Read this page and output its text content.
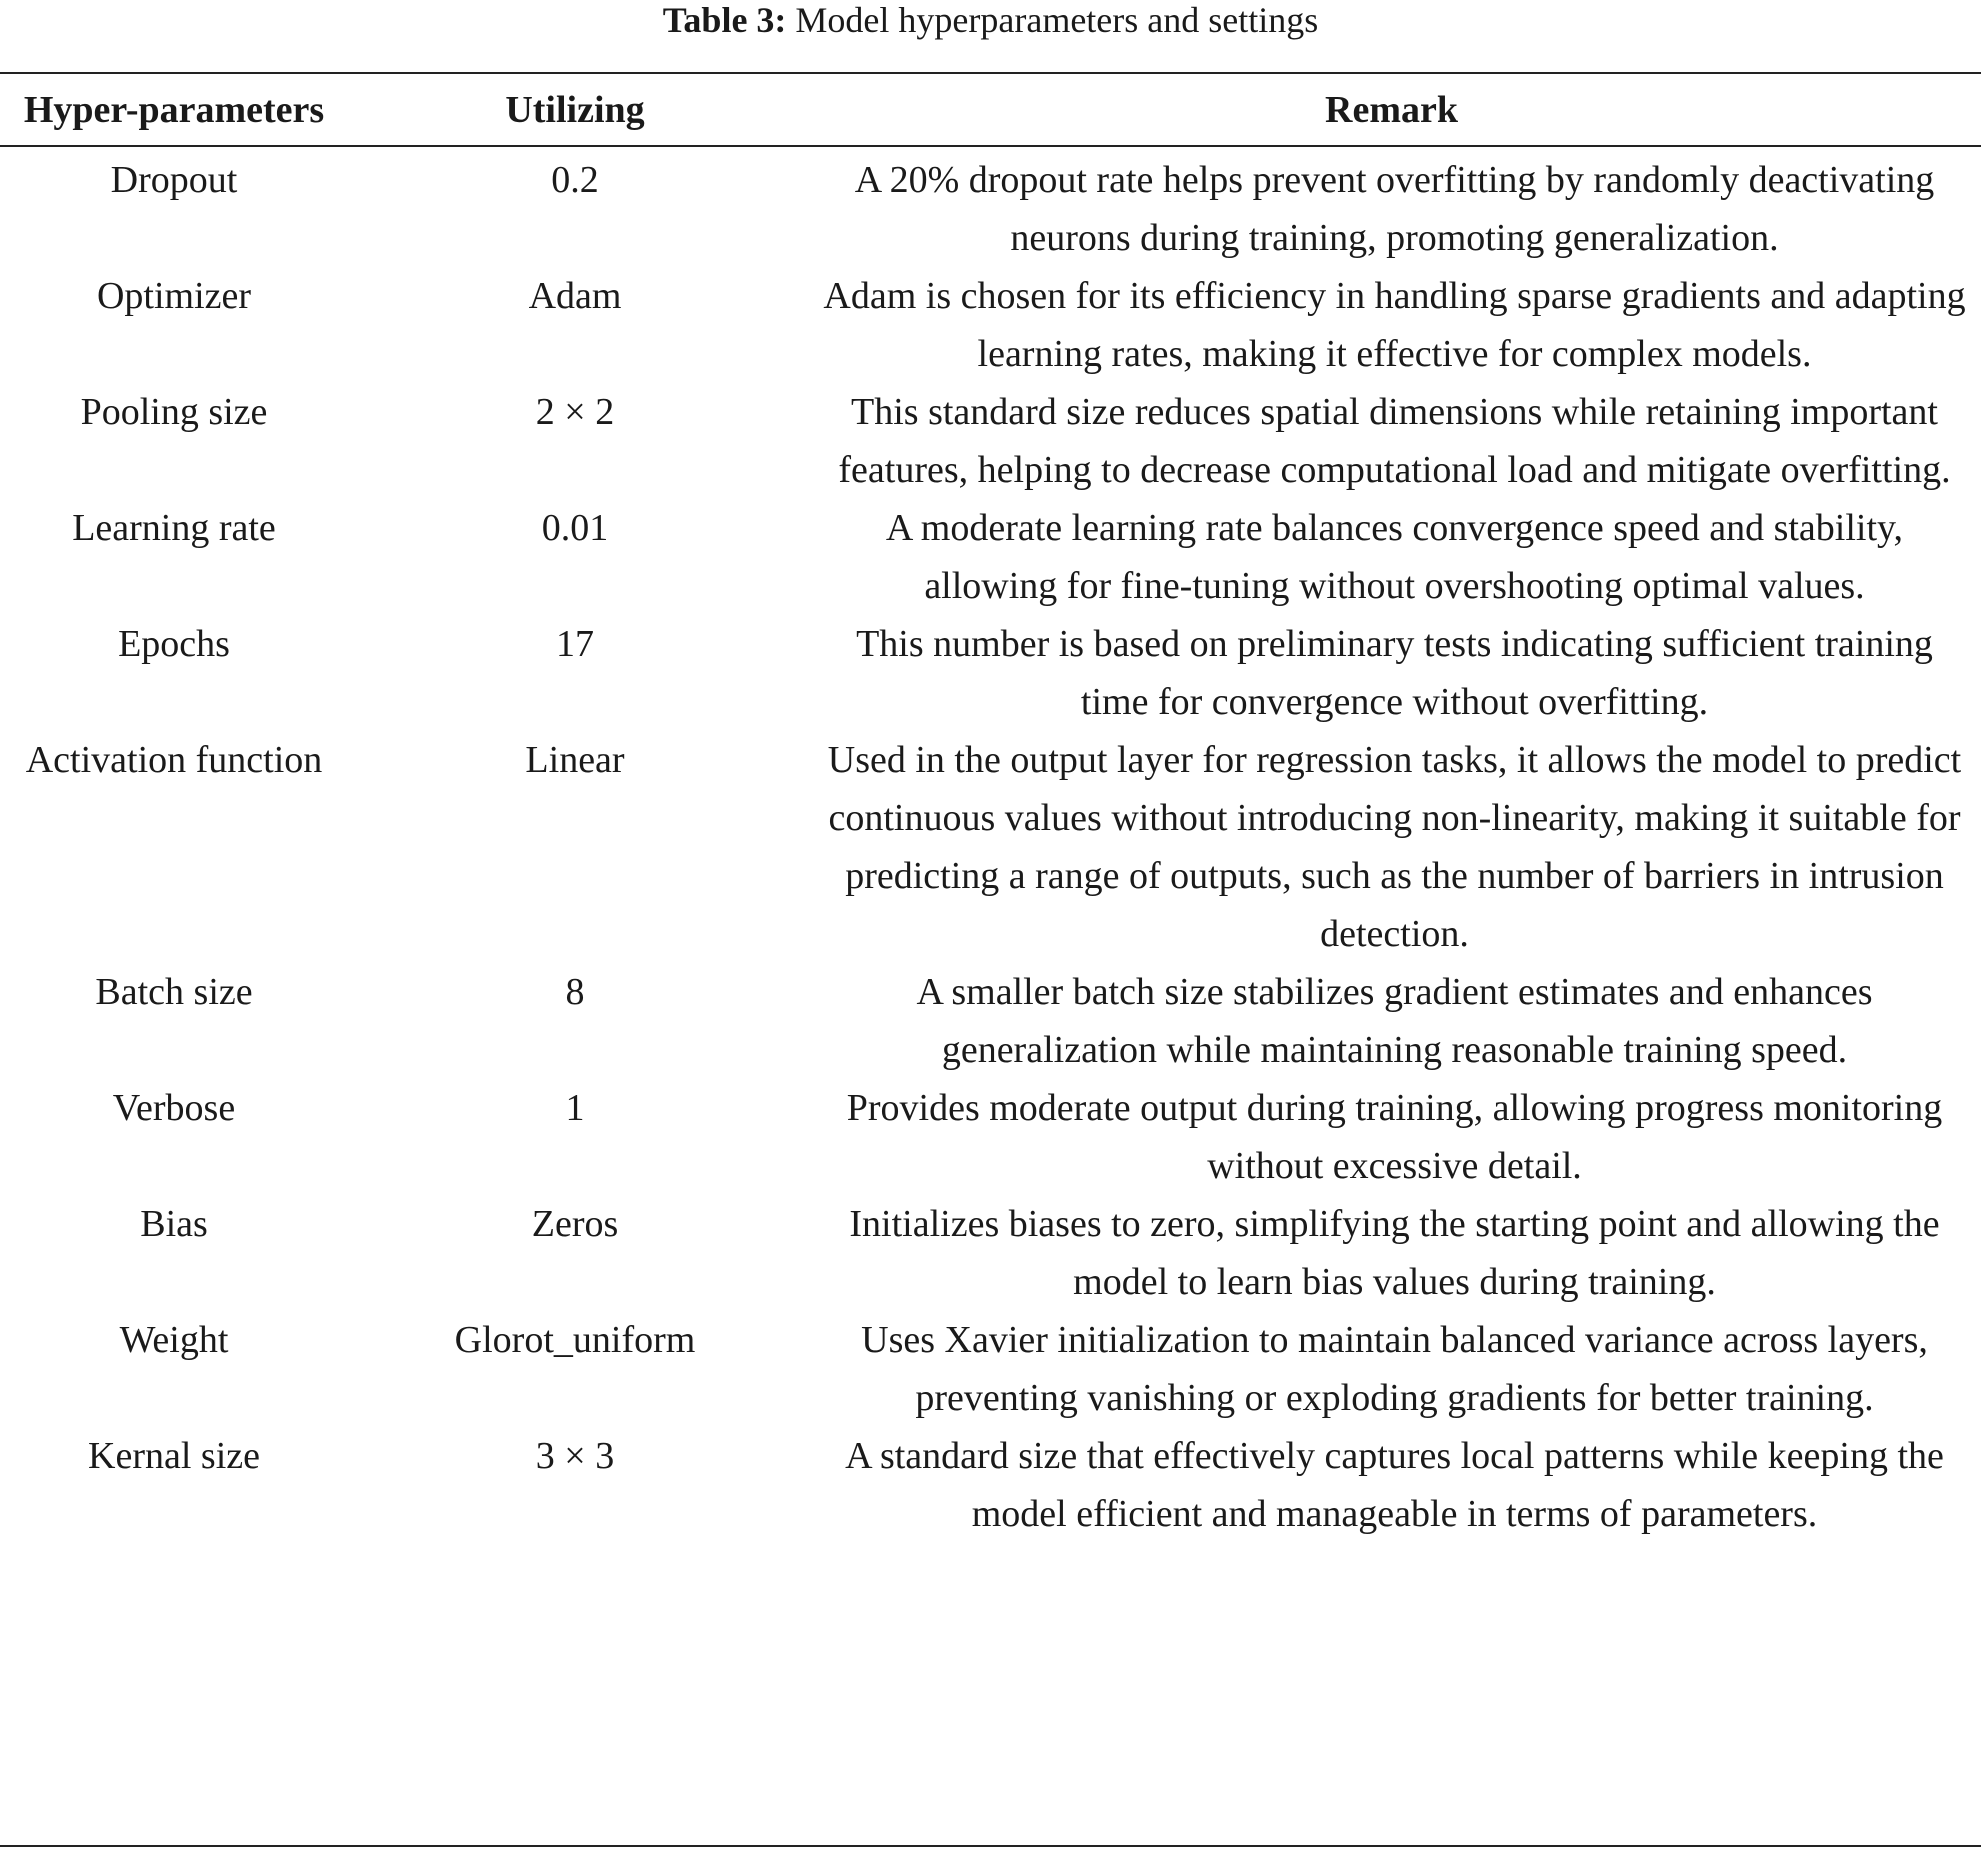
Table 3: Model hyperparameters and settings
Hyper-parameters	Utilizing	Remark
Dropout	0.2	A 20% dropout rate helps prevent overfitting by randomly deactivating neurons during training, promoting generalization.
Optimizer	Adam	Adam is chosen for its efficiency in handling sparse gradients and adapting learning rates, making it effective for complex models.
Pooling size	2 × 2	This standard size reduces spatial dimensions while retaining important features, helping to decrease computational load and mitigate overfitting.
Learning rate	0.01	A moderate learning rate balances convergence speed and stability, allowing for fine-tuning without overshooting optimal values.
Epochs	17	This number is based on preliminary tests indicating sufficient training time for convergence without overfitting.
Activation function	Linear	Used in the output layer for regression tasks, it allows the model to predict continuous values without introducing non-linearity, making it suitable for predicting a range of outputs, such as the number of barriers in intrusion detection.
Batch size	8	A smaller batch size stabilizes gradient estimates and enhances generalization while maintaining reasonable training speed.
Verbose	1	Provides moderate output during training, allowing progress monitoring without excessive detail.
Bias	Zeros	Initializes biases to zero, simplifying the starting point and allowing the model to learn bias values during training.
Weight	Glorot_uniform	Uses Xavier initialization to maintain balanced variance across layers, preventing vanishing or exploding gradients for better training.
Kernal size	3 × 3	A standard size that effectively captures local patterns while keeping the model efficient and manageable in terms of parameters.
